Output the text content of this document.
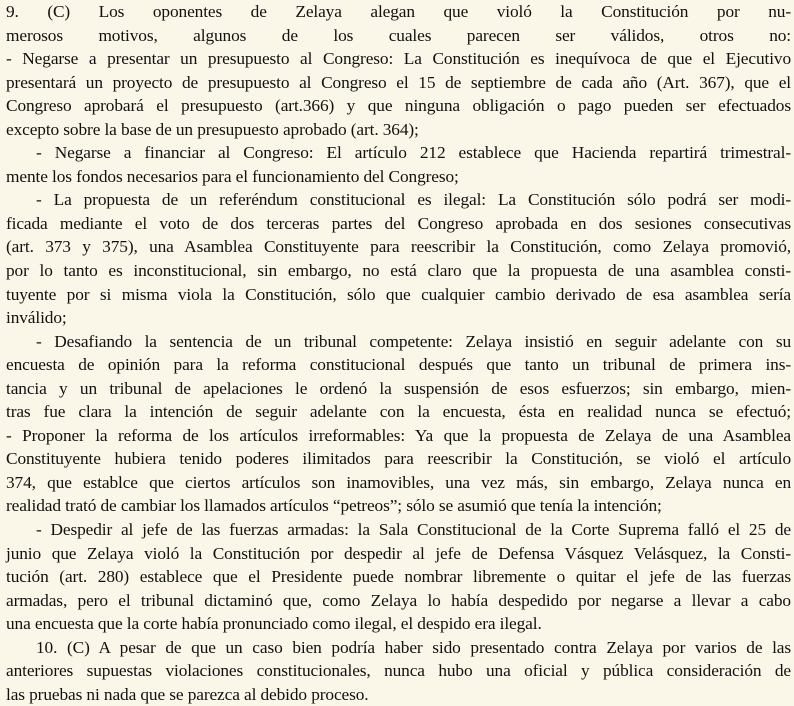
9. (C) Los oponentes de Zelaya alegan que violó la Constitución por nu-
merosos motivos, algunos de los cuales parecen ser válidos, otros no:
- Negarse a presentar un presupuesto al Congreso: La Constitución es inequívoca de que el Ejecutivo
presentará un proyecto de presupuesto al Congreso el 15 de septiembre de cada año (Art. 367), que el
Congreso aprobará el presupuesto (art.366) y que ninguna obligación o pago pueden ser efectuados
excepto sobre la base de un presupuesto aprobado (art. 364);
- Negarse a financiar al Congreso: El artículo 212 establece que Hacienda repartirá trimestral-
mente los fondos necesarios para el funcionamiento del Congreso;
- La propuesta de un referéndum constitucional es ilegal: La Constitución sólo podrá ser modi-
ficada mediante el voto de dos terceras partes del Congreso aprobada en dos sesiones consecutivas
(art. 373 y 375), una Asamblea Constituyente para reescribir la Constitución, como Zelaya promovió,
por lo tanto es inconstitucional, sin embargo, no está claro que la propuesta de una asamblea consti-
tuyente por si misma viola la Constitución, sólo que cualquier cambio derivado de esa asamblea sería
inválido;
- Desafiando la sentencia de un tribunal competente: Zelaya insistió en seguir adelante con su
encuesta de opinión para la reforma constitucional después que tanto un tribunal de primera ins-
tancia y un tribunal de apelaciones le ordenó la suspensión de esos esfuerzos; sin embargo, mien-
tras fue clara la intención de seguir adelante con la encuesta, ésta en realidad nunca se efectuó;
- Proponer la reforma de los artículos irreformables: Ya que la propuesta de Zelaya de una Asamblea
Constituyente hubiera tenido poderes ilimitados para reescribir la Constitución, se violó el artículo
374, que establce que ciertos artículos son inamovibles, una vez más, sin embargo, Zelaya nunca en
realidad trató de cambiar los llamados artículos “petreos”; sólo se asumió que tenía la intención;
- Despedir al jefe de las fuerzas armadas: la Sala Constitucional de la Corte Suprema falló el 25 de
junio que Zelaya violó la Constitución por despedir al jefe de Defensa Vásquez Velásquez, la Consti-
tución (art. 280) establece que el Presidente puede nombrar libremente o quitar el jefe de las fuerzas
armadas, pero el tribunal dictaminó que, como Zelaya lo había despedido por negarse a llevar a cabo
una encuesta que la corte había pronunciado como ilegal, el despido era ilegal.
10. (C) A pesar de que un caso bien podría haber sido presentado contra Zelaya por varios de las
anteriores supuestas violaciones constitucionales, nunca hubo una oficial y pública consideración de
las pruebas ni nada que se parezca al debido proceso.
